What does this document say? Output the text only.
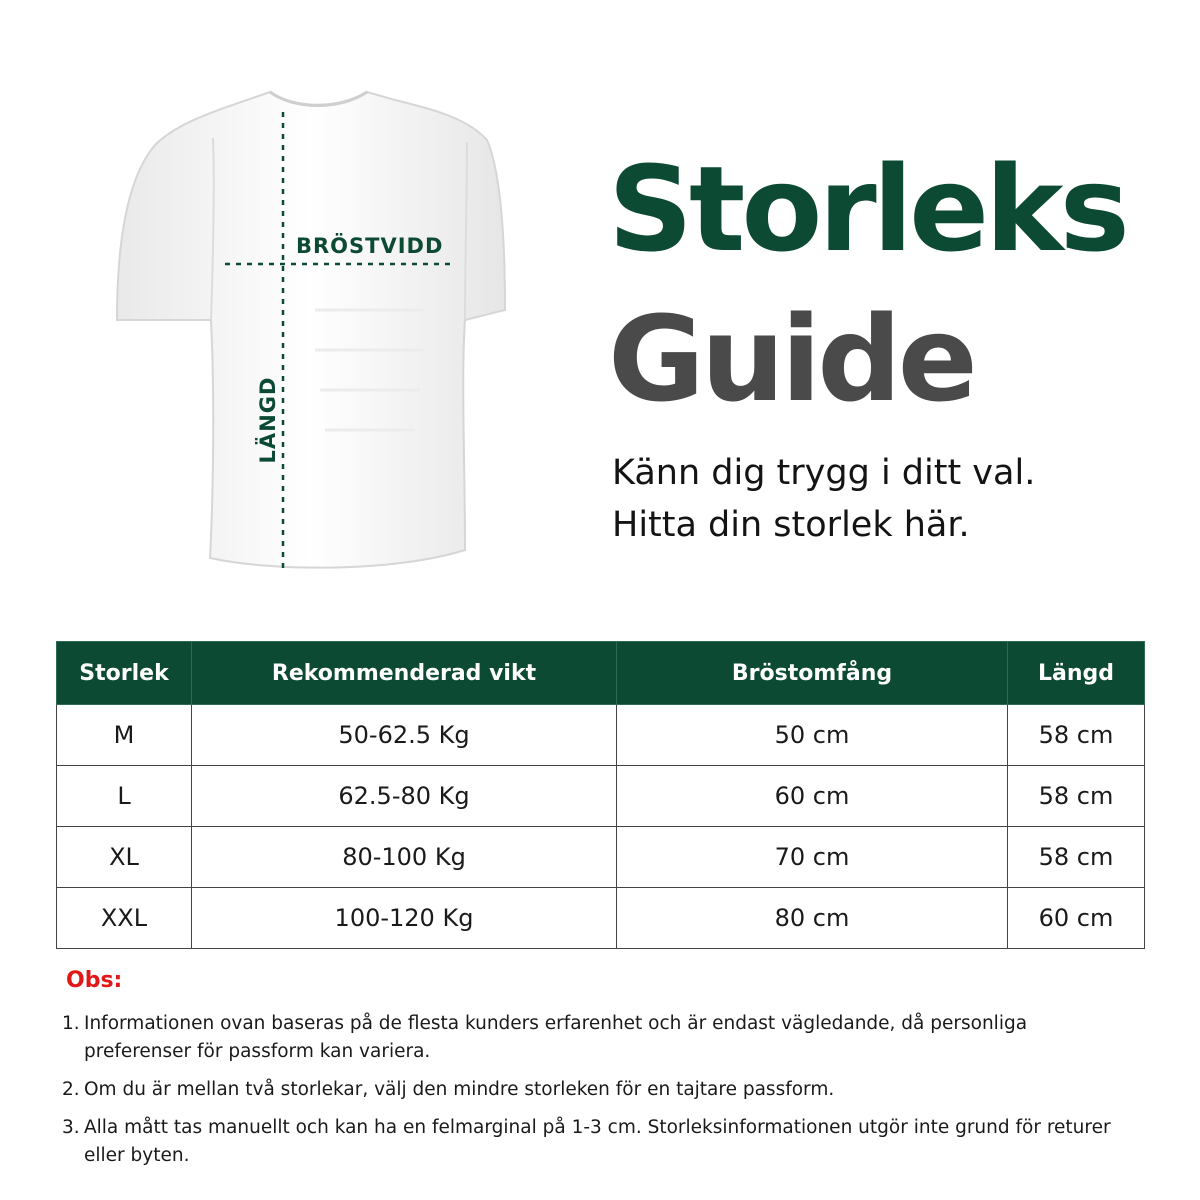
BRÖSTVIDD
LÄNGD
Storleks
Guide
Känn dig trygg i ditt val.
Hitta din storlek här.
Storlek	Rekommenderad vikt	Bröstomfång	Längd
M	50-62.5 Kg	50 cm	58 cm
L	62.5-80 Kg	60 cm	58 cm
XL	80-100 Kg	70 cm	58 cm
XXL	100-120 Kg	80 cm	60 cm
Obs:
1. Informationen ovan baseras på de flesta kunders erfarenhet och är endast vägledande, då personliga preferenser för passform kan variera.
2. Om du är mellan två storlekar, välj den mindre storleken för en tajtare passform.
3. Alla mått tas manuellt och kan ha en felmarginal på 1-3 cm. Storleksinformationen utgör inte grund för returer eller byten.
